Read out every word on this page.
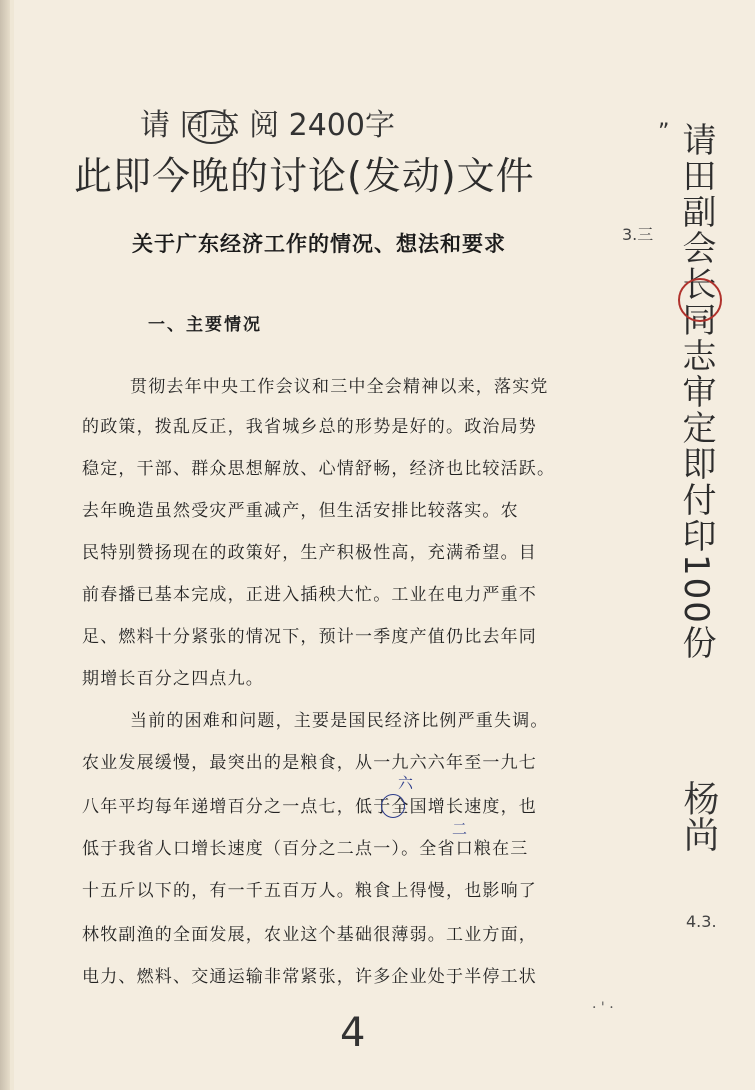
请 同志 阅 2400字
此即今晚的讨论(发动)文件
”
3.三 请田副会长同志审定即付印100份
杨尚
4.3.
关于广东经济工作的情况、想法和要求
一、主要情况
贯彻去年中央工作会议和三中全会精神以来，落实党
的政策，拨乱反正，我省城乡总的形势是好的。政治局势
稳定，干部、群众思想解放、心情舒畅，经济也比较活跃。
去年晚造虽然受灾严重减产，但生活安排比较落实。农
民特别赞扬现在的政策好，生产积极性高，充满希望。目
前春播已基本完成，正进入插秧大忙。工业在电力严重不
足、燃料十分紧张的情况下，预计一季度产值仍比去年同
期增长百分之四点九。
当前的困难和问题，主要是国民经济比例严重失调。
农业发展缓慢，最突出的是粮食，从一九六六年至一九七
八年平均每年递增百分之一点七，低于全国增长速度，也
低于我省人口增长速度（百分之二点一）。全省口粮在三
十五斤以下的，有一千五百万人。粮食上得慢，也影响了
林牧副渔的全面发展，农业这个基础很薄弱。工业方面，
电力、燃料、交通运输非常紧张，许多企业处于半停工状
六
二
4
· ' ·
